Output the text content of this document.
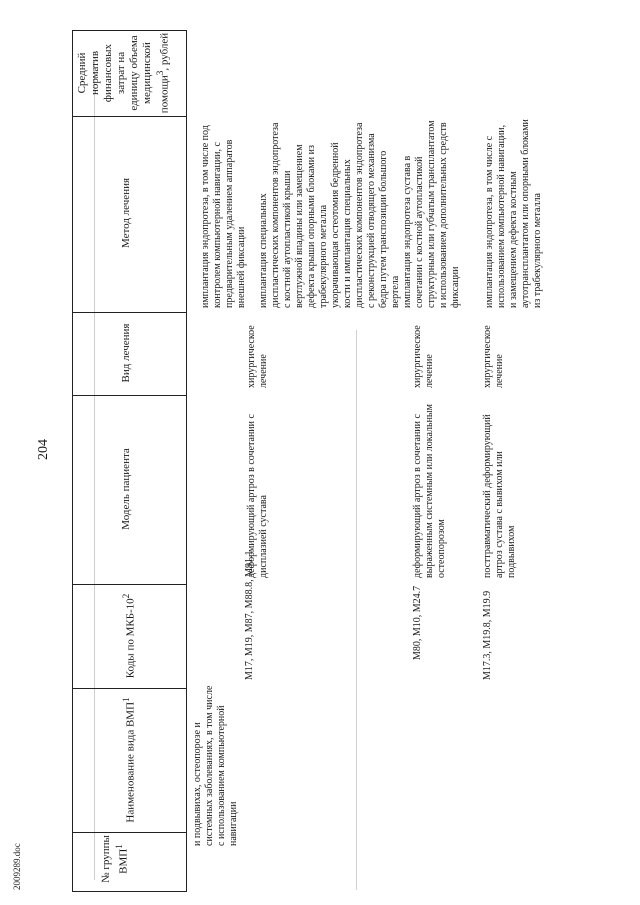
204
2009289.doc	№ группы ВМП$^1$
Наименование вида ВМП$^1$
Коды по МКБ-$10^2$
Модель пациента
Вид лечения
Метод лечения
Средний норматив финансовых затрат на единицу объема медицинской помощи$^3$, рублей
и подвывихах, остеопорозе и системных заболеваниях, в том числе с использованием компьютерной навигации
имплантация эндопротеза, в том числе под контролем компьютерной навигации, с предварительным удалением аппаратов внешней фиксации
M17, M19, M87, M88.8, M91.1
деформирующий артроз в сочетании с дисплазией сустава
хирургическое лечение
имплантация специальных диспластических компонентов эндопротеза с костной аутопластикой крыши вертлужной впадины или замещением дефекта крыши опорными блоками из трабекулярного металла укорачивающая остеотомия бедренной кости и имплантация специальных диспластических компонентов эндопротеза с реконструкцией отводящего механизма бедра путем транспозиции большого вертела
M80, M10, M24.7
деформирующий артроз в сочетании с выраженным системным или локальным остеопорозом
хирургическое лечение
имплантация эндопротеза сустава в сочетании с костной аутопластикой структурным или губчатым трансплантатом и использованием дополнительных средств фиксации
M17.3, M19.8, M19.9
посттравматический деформирующий артроз сустава с вывихом или подвывихом
хирургическое лечение
имплантация эндопротеза, в том числе с использованием компьютерной навигации, и замещением дефекта костным аутотрансплантатом или опорными блоками из трабекулярного металла
